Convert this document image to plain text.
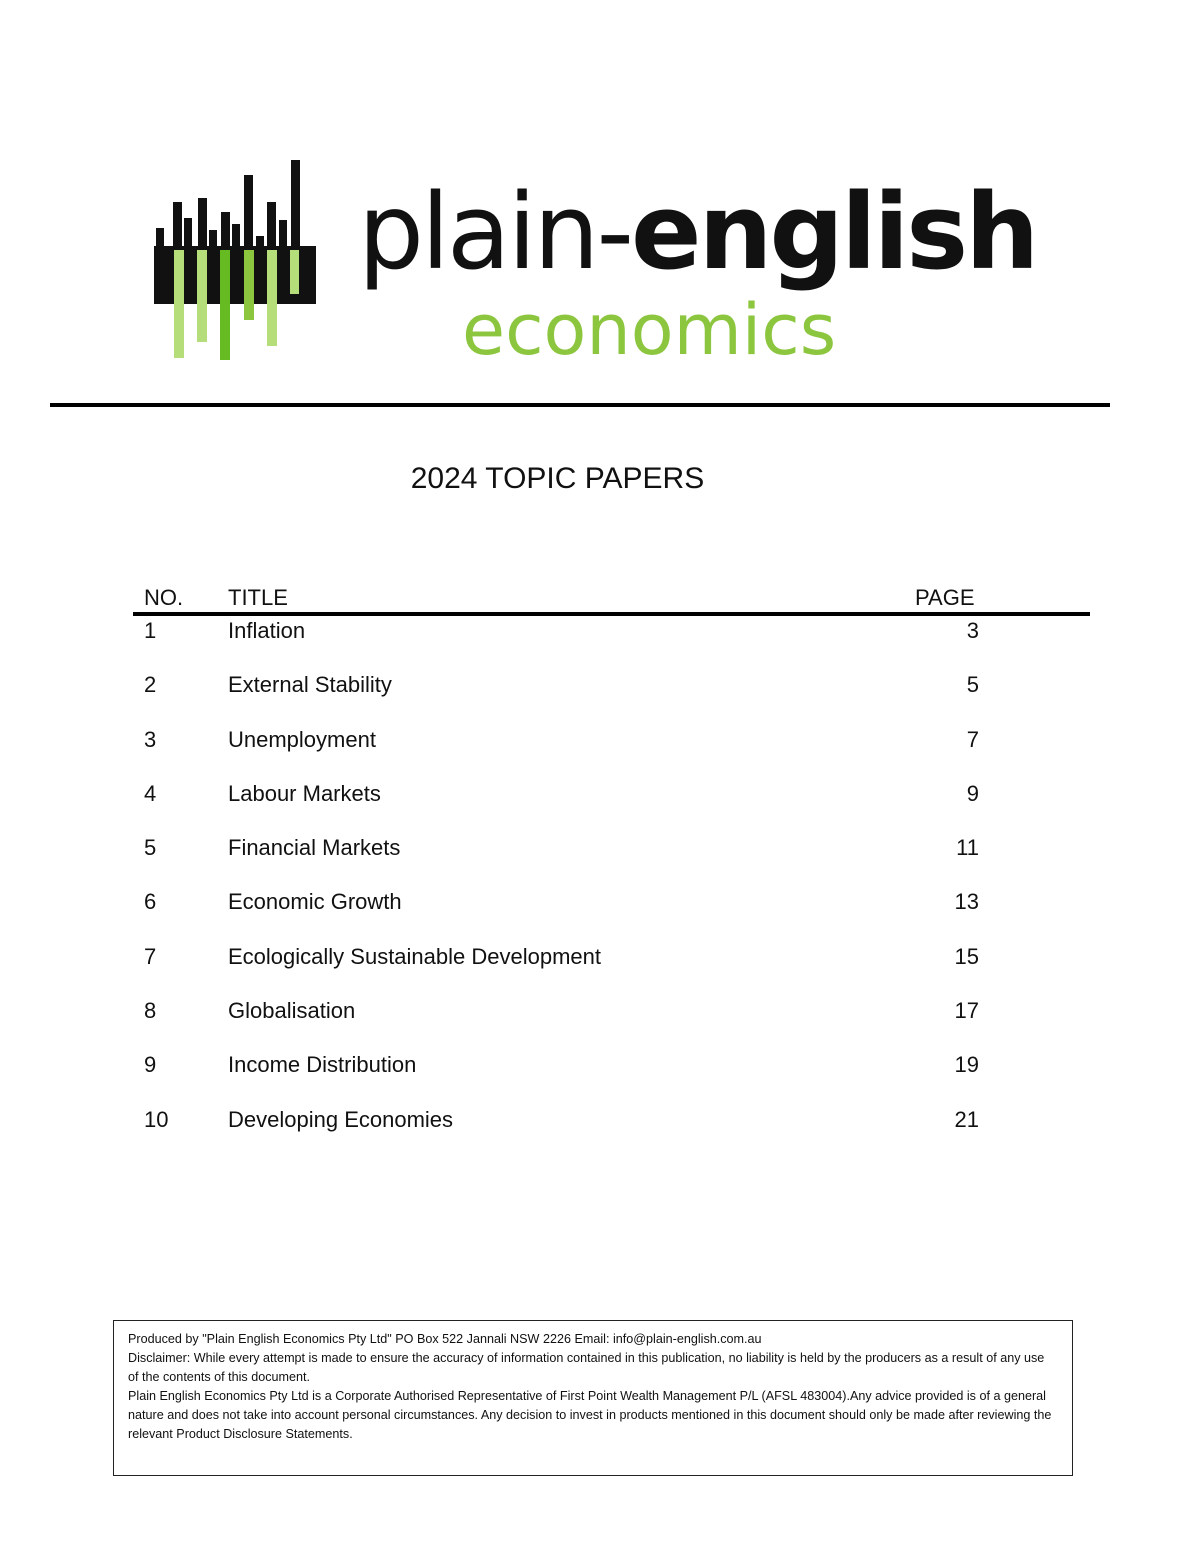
plain-english
economics
2024 TOPIC PAPERS
NO. TITLE	PAGE
1	Inflation	3
2	External Stability	5
3	Unemployment	7
4	Labour Markets	9
5	Financial Markets	11
6	Economic Growth	13
7	Ecologically Sustainable Development	15
8	Globalisation	17
9	Income Distribution	19
10	Developing Economies	21

Produced by "Plain English Economics Pty Ltd" PO Box 522 Jannali NSW 2226 Email: info@plain-english.com.au

Disclaimer: While every attempt is made to ensure the accuracy of information contained in this publication, no liability is held by the producers as a result of any use of the contents of this document.

Plain English Economics Pty Ltd is a Corporate Authorised Representative of First Point Wealth Management P/L (AFSL 483004).Any advice provided is of a general nature and does not take into account personal circumstances. Any decision to invest in products mentioned in this document should only be made after reviewing the relevant Product Disclosure Statements.
